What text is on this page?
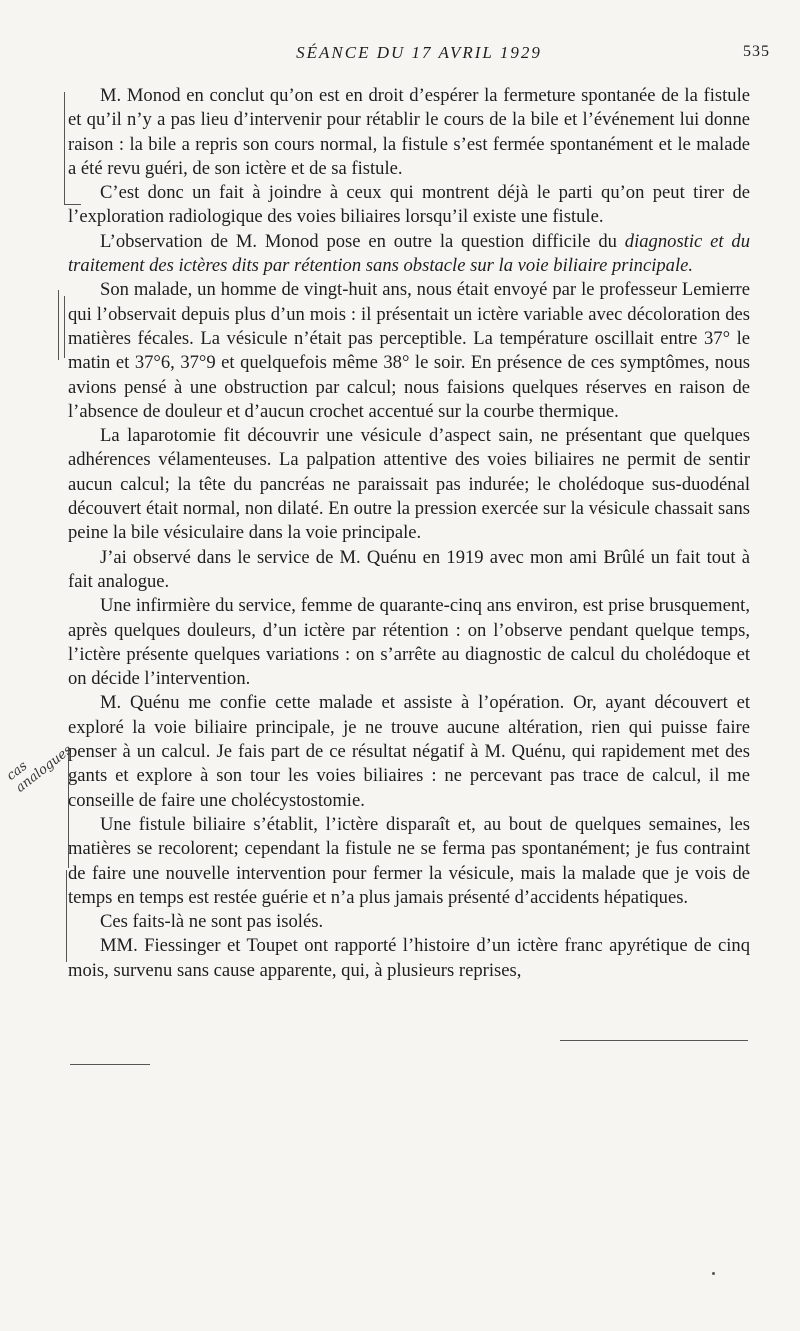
SÉANCE DU 17 AVRIL 1929	535
cas analogues

M. Monod en conclut qu’on est en droit d’espérer la fermeture spontanée de la fistule et qu’il n’y a pas lieu d’intervenir pour rétablir le cours de la bile et l’événement lui donne raison : la bile a repris son cours normal, la fistule s’est fermée spontanément et le malade a été revu guéri, de son ictère et de sa fistule.

C’est donc un fait à joindre à ceux qui montrent déjà le parti qu’on peut tirer de l’exploration radiologique des voies biliaires lorsqu’il existe une fistule.

L’observation de M. Monod pose en outre la question difficile du diagnostic et du traitement des ictères dits par rétention sans obstacle sur la voie biliaire principale.

Son malade, un homme de vingt-huit ans, nous était envoyé par le professeur Lemierre qui l’observait depuis plus d’un mois : il présentait un ictère variable avec décoloration des matières fécales. La vésicule n’était pas perceptible. La température oscillait entre 37° le matin et 37°6, 37°9 et quelquefois même 38° le soir. En présence de ces symptômes, nous avions pensé à une obstruction par calcul; nous faisions quelques réserves en raison de l’absence de douleur et d’aucun crochet accentué sur la courbe thermique.

La laparotomie fit découvrir une vésicule d’aspect sain, ne présentant que quelques adhérences vélamenteuses. La palpation attentive des voies biliaires ne permit de sentir aucun calcul; la tête du pancréas ne paraissait pas indurée; le cholédoque sus-duodénal découvert était normal, non dilaté. En outre la pression exercée sur la vésicule chassait sans peine la bile vésiculaire dans la voie principale.

J’ai observé dans le service de M. Quénu en 1919 avec mon ami Brûlé un fait tout à fait analogue.

Une infirmière du service, femme de quarante-cinq ans environ, est prise brusquement, après quelques douleurs, d’un ictère par rétention : on l’observe pendant quelque temps, l’ictère présente quelques variations : on s’arrête au diagnostic de calcul du cholédoque et on décide l’intervention.

M. Quénu me confie cette malade et assiste à l’opération. Or, ayant découvert et exploré la voie biliaire principale, je ne trouve aucune altération, rien qui puisse faire penser à un calcul. Je fais part de ce résultat négatif à M. Quénu, qui rapidement met des gants et explore à son tour les voies biliaires : ne percevant pas trace de calcul, il me conseille de faire une cholécystostomie.

Une fistule biliaire s’établit, l’ictère disparaît et, au bout de quelques semaines, les matières se recolorent; cependant la fistule ne se ferma pas spontanément; je fus contraint de faire une nouvelle intervention pour fermer la vésicule, mais la malade que je vois de temps en temps est restée guérie et n’a plus jamais présenté d’accidents hépatiques.

Ces faits-là ne sont pas isolés.

MM. Fiessinger et Toupet ont rapporté l’histoire d’un ictère franc apyrétique de cinq mois, survenu sans cause apparente, qui, à plusieurs reprises,
